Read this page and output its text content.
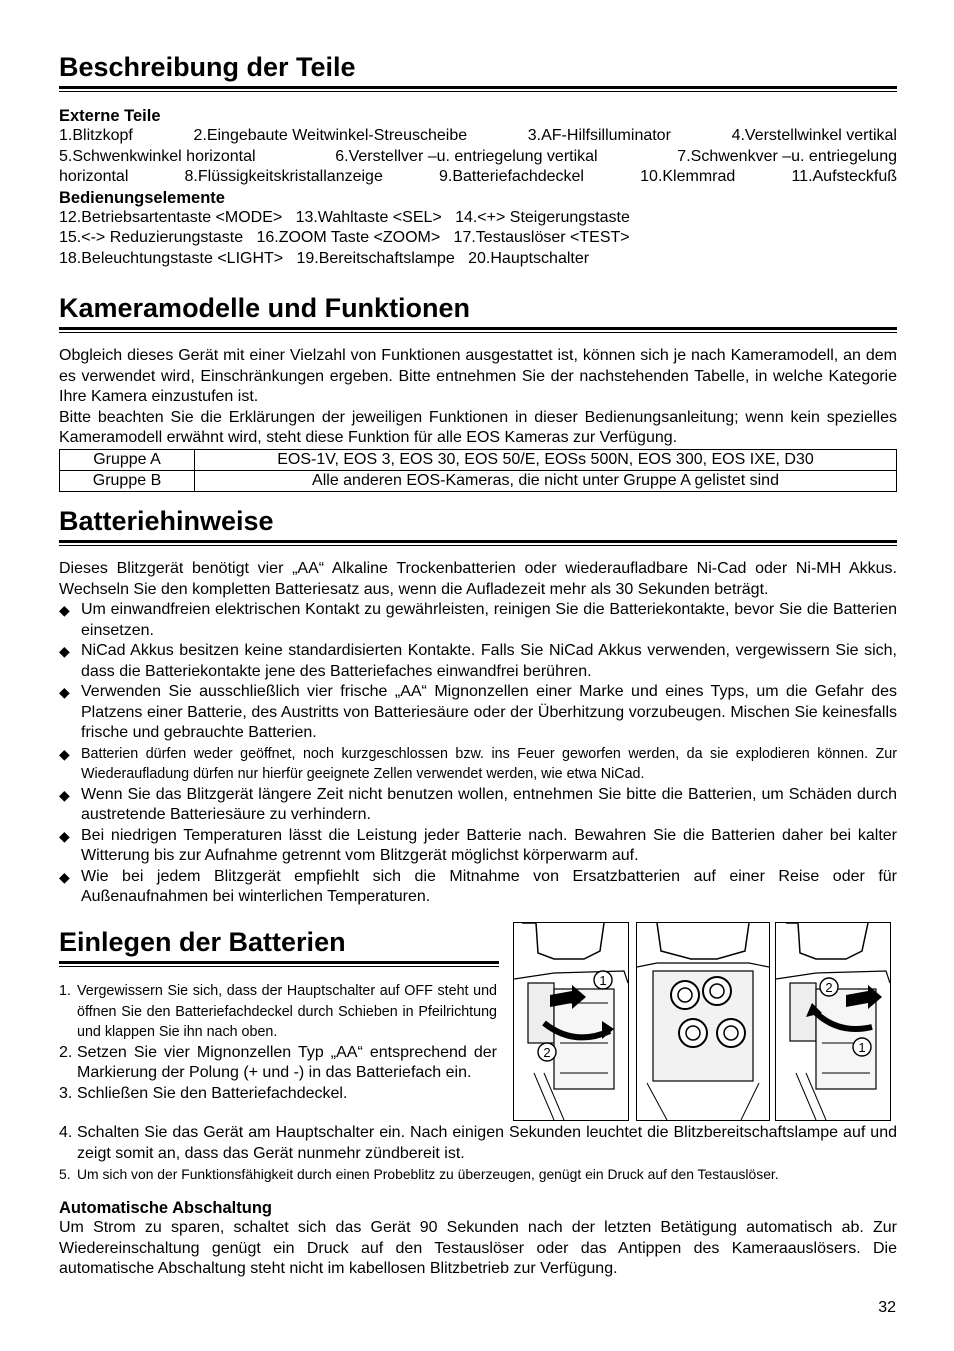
Beschreibung der Teile
Externe Teile
1.Blitzkopf	2.Eingebaute Weitwinkel-Streuscheibe	3.AF-Hilfsilluminator	4.Verstellwinkel vertikal
5.Schwenkwinkel horizontal	6.Verstellver –u. entriegelung vertikal	7.Schwenkver –u. entriegelung
horizontal	8.Flüssigkeitskristallanzeige	9.Batteriefachdeckel	10.Klemmrad	11.Aufsteckfuß
Bedienungselemente
12.Betriebsartentaste <MODE>   13.Wahltaste <SEL>   14.<+> Steigerungstaste
15.<-> Reduzierungstaste   16.ZOOM Taste <ZOOM>   17.Testauslöser <TEST>
18.Beleuchtungstaste <LIGHT>   19.Bereitschaftslampe   20.Hauptschalter
Kameramodelle und Funktionen
Obgleich dieses Gerät mit einer Vielzahl von Funktionen ausgestattet ist, können sich je nach Kameramodell, an dem es verwendet wird, Einschränkungen ergeben. Bitte entnehmen Sie der nachstehenden Tabelle, in welche Kategorie Ihre Kamera einzustufen ist.
Bitte beachten Sie die Erklärungen der jeweiligen Funktionen in dieser Bedienungsanleitung; wenn kein spezielles Kameramodell erwähnt wird, steht diese Funktion für alle EOS Kameras zur Verfügung.
Gruppe A	EOS-1V, EOS 3, EOS 30, EOS 50/E, EOSs 500N, EOS 300, EOS IXE, D30
Gruppe B	Alle anderen EOS-Kameras, die nicht unter Gruppe A gelistet sind
Batteriehinweise
Dieses Blitzgerät benötigt vier „AA“ Alkaline Trockenbatterien oder wiederaufladbare Ni-Cad oder Ni-MH Akkus. Wechseln Sie den kompletten Batteriesatz aus, wenn die Aufladezeit mehr als 30 Sekunden beträgt.
◆ Um einwandfreien elektrischen Kontakt zu gewährleisten, reinigen Sie die Batteriekontakte, bevor Sie die Batterien einsetzen.
◆ NiCad Akkus besitzen keine standardisierten Kontakte. Falls Sie NiCad Akkus verwenden, vergewissern Sie sich, dass die Batteriekontakte jene des Batteriefaches einwandfrei berühren.
◆ Verwenden Sie ausschließlich vier frische „AA“ Mignonzellen einer Marke und eines Typs, um die Gefahr des Platzens einer Batterie, des Austritts von Batteriesäure oder der Überhitzung vorzubeugen. Mischen Sie keinesfalls frische und gebrauchte Batterien.
◆ Batterien dürfen weder geöffnet, noch kurzgeschlossen bzw. ins Feuer geworfen werden, da sie explodieren können. Zur Wiederaufladung dürfen nur hierfür geeignete Zellen verwendet werden, wie etwa NiCad.
◆ Wenn Sie das Blitzgerät längere Zeit nicht benutzen wollen, entnehmen Sie bitte die Batterien, um Schäden durch austretende Batteriesäure zu verhindern.
◆ Bei niedrigen Temperaturen lässt die Leistung jeder Batterie nach. Bewahren Sie die Batterien daher bei kalter Witterung bis zur Aufnahme getrennt vom Blitzgerät möglichst körperwarm auf.
◆ Wie bei jedem Blitzgerät empfiehlt sich die Mitnahme von Ersatzbatterien auf einer Reise oder für Außenaufnahmen bei winterlichen Temperaturen.
Einlegen der Batterien
1. Vergewissern Sie sich, dass der Hauptschalter auf OFF steht und öffnen Sie den Batteriefachdeckel durch Schieben in Pfeilrichtung und klappen Sie ihn nach oben.
2. Setzen Sie vier Mignonzellen Typ „AA“ entsprechend der Markierung der Polung (+ und -) in das Batteriefach ein.
3. Schließen Sie den Batteriefachdeckel.
4. Schalten Sie das Gerät am Hauptschalter ein. Nach einigen Sekunden leuchtet die Blitzbereitschaftslampe auf und zeigt somit an, dass das Gerät nunmehr zündbereit ist.
5. Um sich von der Funktionsfähigkeit durch einen Probeblitz zu überzeugen, genügt ein Druck auf den Testauslöser.
Automatische Abschaltung
Um Strom zu sparen, schaltet sich das Gerät 90 Sekunden nach der letzten Betätigung automatisch ab. Zur Wiedereinschaltung genügt ein Druck auf den Testauslöser oder das Antippen des Kameraauslösers. Die automatische Abschaltung steht nicht im kabellosen Blitzbetrieb zur Verfügung.
1
2
2
1
32
